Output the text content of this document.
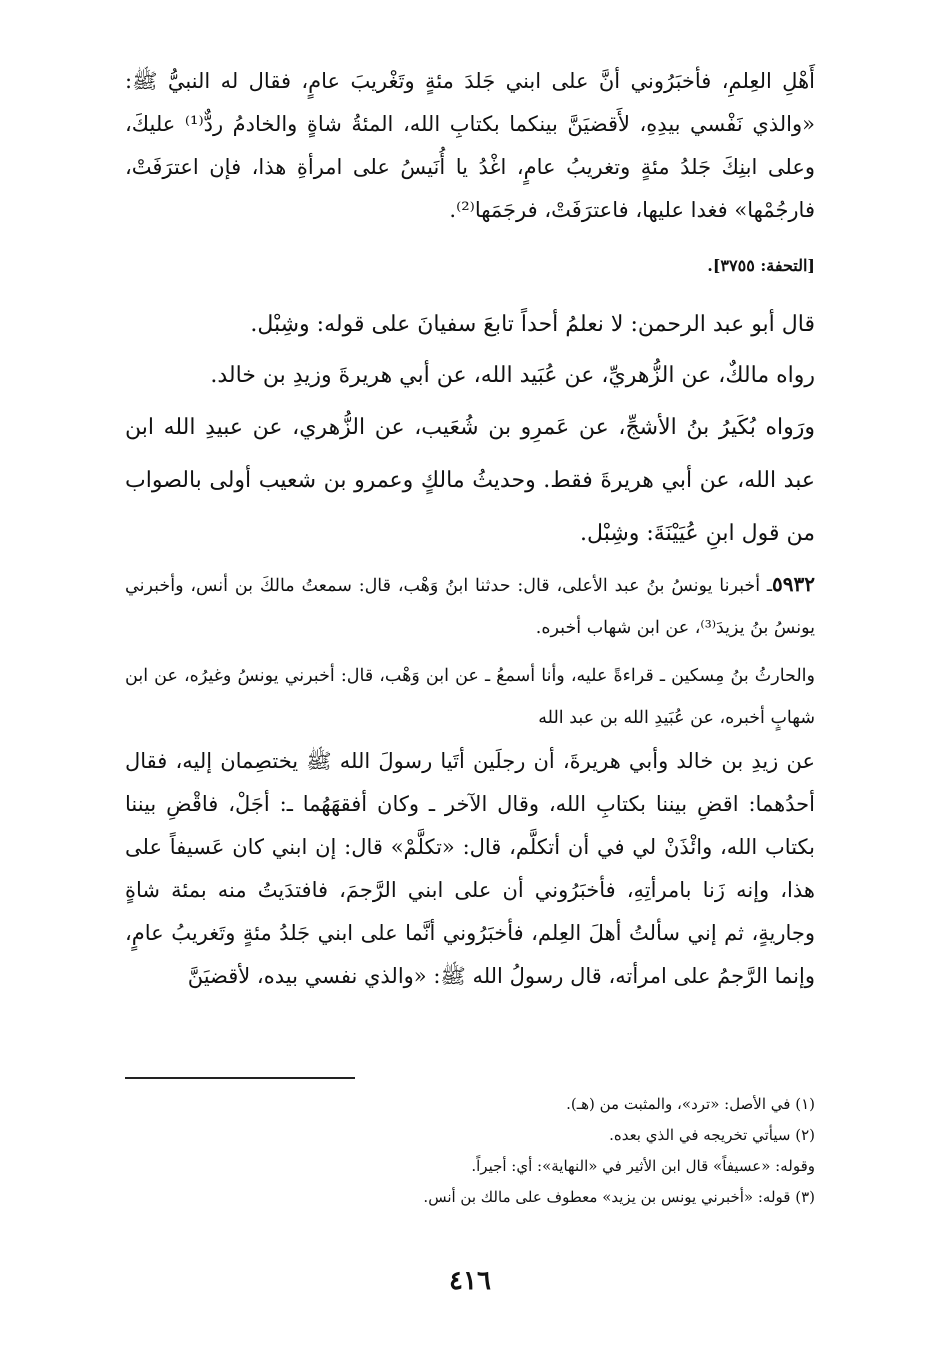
أَهْلِ العِلمِ، فأخبَرُوني أنَّ على ابني جَلدَ مئةٍ وتَغْريبَ عامٍ، فقال له النبيُّ ﷺ: «والذي نَفْسي بيدِهِ، لأَقضيَنَّ بينكما بكتابِ الله، المئةُ شاةٍ والخادمُ ردٌّ⁽¹⁾ عليكَ، وعلى ابنِكَ جَلدُ مئةٍ وتغريبُ عامٍ، اغْدُ يا أُنَيسُ على امرأةِ هذا، فإن اعترَفَتْ، فارجُمْها» فغدا عليها، فاعترَفَتْ، فرجَمَها⁽²⁾.

[التحفة: ٣٧٥٥].

قال أبو عبد الرحمن: لا نعلمُ أحداً تابعَ سفيانَ على قوله: وشِبْل.

رواه مالكٌ، عن الزُّهريِّ، عن عُبَيد الله، عن أبي هريرةَ وزيدِ بن خالد.

ورَواه بُكَيرُ بنُ الأشجِّ، عن عَمرِو بن شُعَيب، عن الزُّهري، عن عبيدِ الله ابن عبد الله، عن أبي هريرةَ فقط. وحديثُ مالكٍ وعمرو بن شعيب أولى بالصواب من قول ابنِ عُيَيْنَةَ: وشِبْل.

٥٩٣٢ـ أخبرنا يونسُ بنُ عبد الأعلى، قال: حدثنا ابنُ وَهْب، قال: سمعتُ مالكَ بن أنس، وأخبرني يونسُ بنُ يزيدَ⁽³⁾، عن ابن شهاب أخبره.

والحارثُ بنُ مِسكين ـ قراءةً عليه، وأنا أسمعُ ـ عن ابن وَهْب، قال: أخبرني يونسُ وغيرُه، عن ابن شهابٍ أخبره، عن عُبَيدِ الله بن عبد الله

عن زيدِ بن خالد وأبي هريرةَ، أن رجلَين أتَيا رسولَ الله ﷺ يختصِمان إليه، فقال أحدُهما: اقضِ بيننا بكتابِ الله، وقال الآخر ـ وكان أفقهَهُما ـ: أجَلْ، فاقْضِ بيننا بكتاب الله، وائْذَنْ لي في أن أتكلَّم، قال: «تكلَّمْ» قال: إن ابني كان عَسيفاً على هذا، وإنه زَنا بامرأتِهِ، فأخبَرُوني أن على ابني الرَّجمَ، فافتدَيتُ منه بمئة شاةٍ وجاريةٍ، ثم إني سألتُ أهلَ العِلم، فأخبَرُوني أنَّما على ابني جَلدُ مئةٍ وتَغريبُ عامٍ، وإنما الرَّجمُ على امرأته، قال رسولُ الله ﷺ: «والذي نفسي بيده، لأقضيَنَّ

(١) في الأصل: «ترد»، والمثبت من (هـ).

(٢) سيأتي تخريجه في الذي بعده.

وقوله: «عسيفاً» قال ابن الأثير في «النهاية»: أي: أجيراً.

(٣) قوله: «أخبرني يونس بن يزيد» معطوف على مالك بن أنس.

٤١٦
